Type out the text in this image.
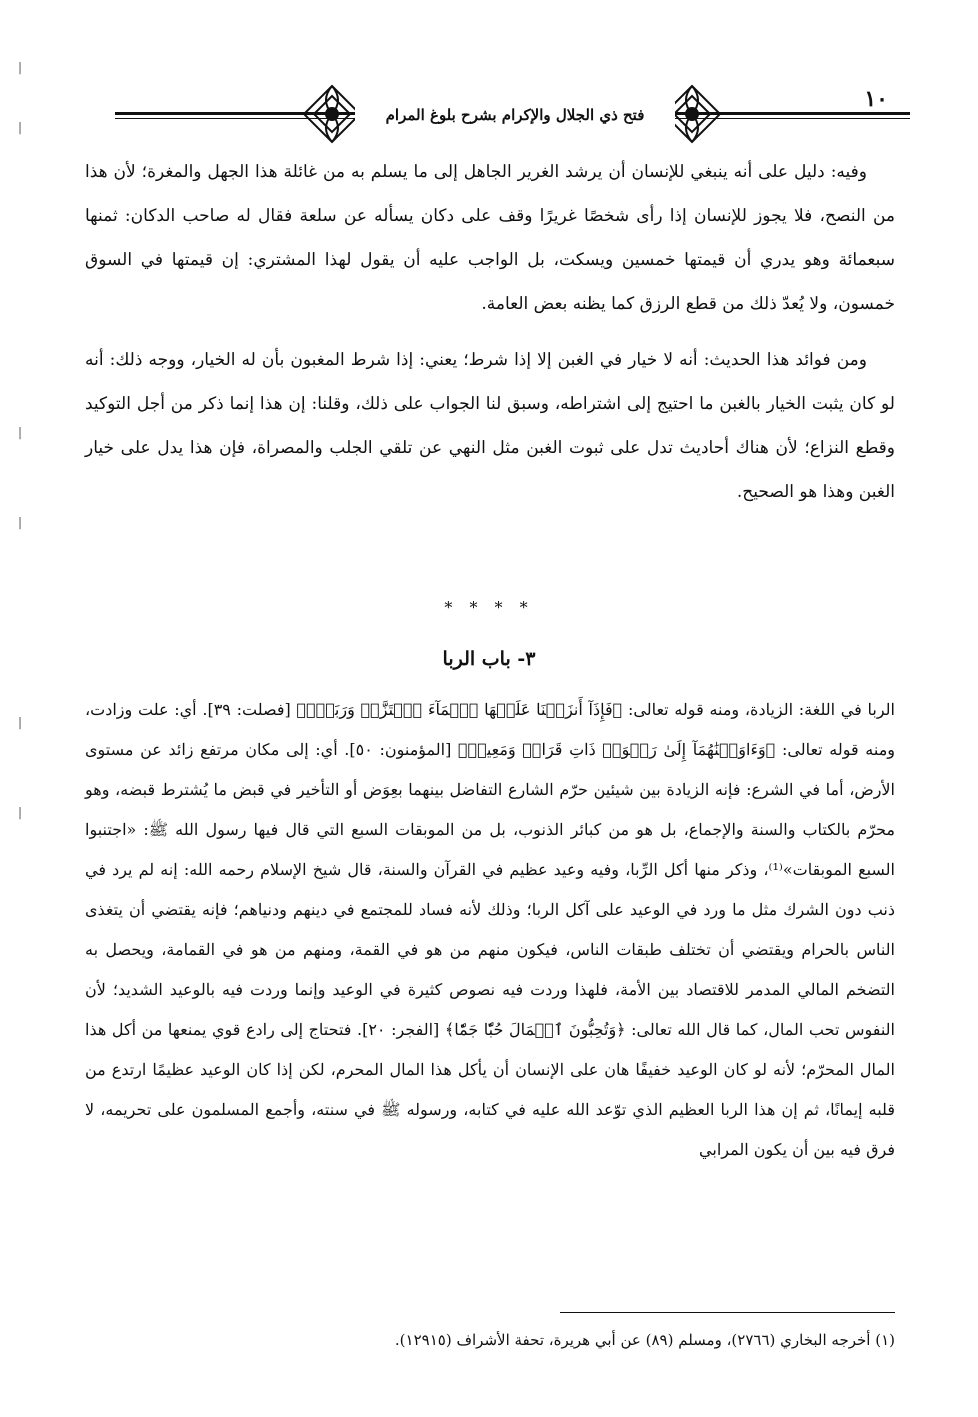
فتح ذي الجلال والإكرام بشرح بلوغ المرام
١٠

وفيه: دليل على أنه ينبغي للإنسان أن يرشد الغرير الجاهل إلى ما يسلم به من غائلة هذا الجهل والمغرة؛ لأن هذا من النصح، فلا يجوز للإنسان إذا رأى شخصًا غريرًا وقف على دكان يسأله عن سلعة فقال له صاحب الدكان: ثمنها سبعمائة وهو يدري أن قيمتها خمسين ويسكت، بل الواجب عليه أن يقول لهذا المشتري: إن قيمتها في السوق خمسون، ولا يُعدّ ذلك من قطع الرزق كما يظنه بعض العامة.

ومن فوائد هذا الحديث: أنه لا خيار في الغبن إلا إذا شرط؛ يعني: إذا شرط المغبون بأن له الخيار، ووجه ذلك: أنه لو كان يثبت الخيار بالغبن ما احتيج إلى اشتراطه، وسبق لنا الجواب على ذلك، وقلنا: إن هذا إنما ذكر من أجل التوكيد وقطع النزاع؛ لأن هناك أحاديث تدل على ثبوت الغبن مثل النهي عن تلقي الجلب والمصراة، فإن هذا يدل على خيار الغبن وهذا هو الصحيح.

* * * *
٣- باب الربا

الربا في اللغة: الزيادة، ومنه قوله تعالى: ﴿فَإِذَآ أَنزَلۡنَا عَلَيۡهَا ٱلۡمَآءَ ٱهۡتَزَّتۡ وَرَبَتۡۚ﴾ [فصلت: ٣٩]. أي: علت وزادت، ومنه قوله تعالى: ﴿وَءَاوَيۡنَٰهُمَآ إِلَىٰ رَبۡوَةٖ ذَاتِ قَرَارٖ وَمَعِينٖ﴾ [المؤمنون: ٥٠]. أي: إلى مكان مرتفع زائد عن مستوى الأرض، أما في الشرع: فإنه الزيادة بين شيئين حرّم الشارع التفاضل بينهما بعِوَض أو التأخير في قبض ما يُشترط قبضه، وهو محرّم بالكتاب والسنة والإجماع، بل هو من كبائر الذنوب، بل من الموبقات السبع التي قال فيها رسول الله ﷺ: «اجتنبوا السبع الموبقات»⁽¹⁾، وذكر منها أكل الرِّبا، وفيه وعيد عظيم في القرآن والسنة، قال شيخ الإسلام رحمه الله: إنه لم يرد في ذنب دون الشرك مثل ما ورد في الوعيد على آكل الربا؛ وذلك لأنه فساد للمجتمع في دينهم ودنياهم؛ فإنه يقتضي أن يتغذى الناس بالحرام ويقتضي أن تختلف طبقات الناس، فيكون منهم من هو في القمة، ومنهم من هو في القمامة، ويحصل به التضخم المالي المدمر للاقتصاد بين الأمة، فلهذا وردت فيه نصوص كثيرة في الوعيد وإنما وردت فيه بالوعيد الشديد؛ لأن النفوس تحب المال، كما قال الله تعالى: ﴿وَتُحِبُّونَ ٱلۡمَالَ حُبّٗا جَمّٗا﴾ [الفجر: ٢٠]. فتحتاج إلى رادع قوي يمنعها من أكل هذا المال المحرّم؛ لأنه لو كان الوعيد خفيفًا هان على الإنسان أن يأكل هذا المال المحرم، لكن إذا كان الوعيد عظيمًا ارتدع من قلبه إيمانًا، ثم إن هذا الربا العظيم الذي توّعد الله عليه في كتابه، ورسوله ﷺ في سنته، وأجمع المسلمون على تحريمه، لا فرق فيه بين أن يكون المرابي

(١) أخرجه البخاري (٢٧٦٦)، ومسلم (٨٩) عن أبي هريرة، تحفة الأشراف (١٢٩١٥).
|
|
|
|
|
|
